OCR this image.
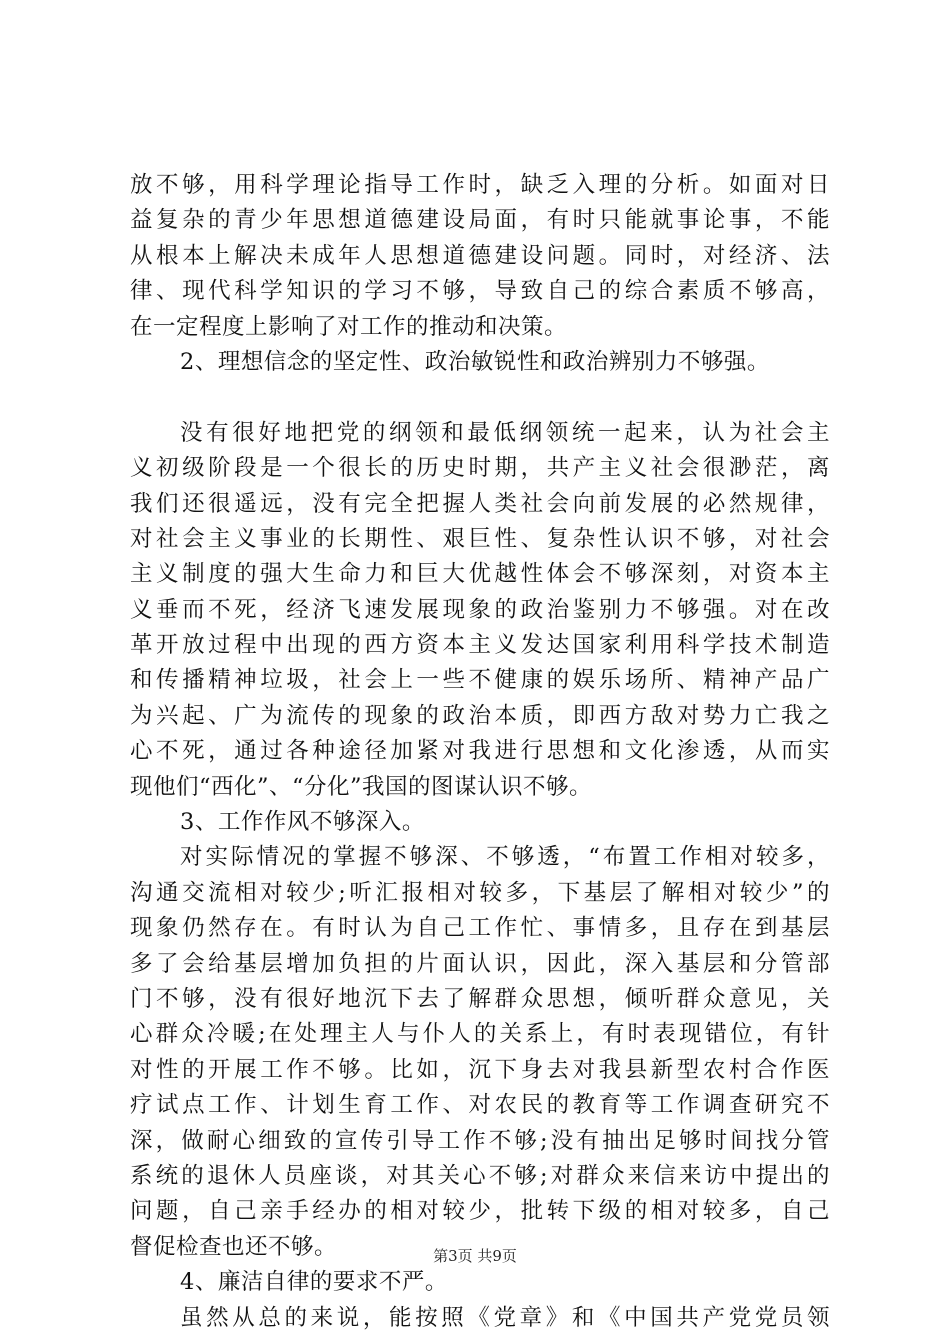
放不够，用科学理论指导工作时，缺乏入理的分析。如面对日
益复杂的青少年思想道德建设局面，有时只能就事论事，不能
从根本上解决未成年人思想道德建设问题。同时，对经济、法
律、现代科学知识的学习不够，导致自己的综合素质不够高，
在一定程度上影响了对工作的推动和决策。
2、理想信念的坚定性、政治敏锐性和政治辨别力不够强。
没有很好地把党的纲领和最低纲领统一起来，认为社会主
义初级阶段是一个很长的历史时期，共产主义社会很渺茫，离
我们还很遥远，没有完全把握人类社会向前发展的必然规律，
对社会主义事业的长期性、艰巨性、复杂性认识不够，对社会
主义制度的强大生命力和巨大优越性体会不够深刻，对资本主
义垂而不死，经济飞速发展现象的政治鉴别力不够强。对在改
革开放过程中出现的西方资本主义发达国家利用科学技术制造
和传播精神垃圾，社会上一些不健康的娱乐场所、精神产品广
为兴起、广为流传的现象的政治本质，即西方敌对势力亡我之
心不死，通过各种途径加紧对我进行思想和文化渗透，从而实
现他们“西化”、“分化”我国的图谋认识不够。
3、工作作风不够深入。
对实际情况的掌握不够深、不够透，“布置工作相对较多，
沟通交流相对较少;听汇报相对较多，下基层了解相对较少”的
现象仍然存在。有时认为自己工作忙、事情多，且存在到基层
多了会给基层增加负担的片面认识，因此，深入基层和分管部
门不够，没有很好地沉下去了解群众思想，倾听群众意见，关
心群众冷暖;在处理主人与仆人的关系上，有时表现错位，有针
对性的开展工作不够。比如，沉下身去对我县新型农村合作医
疗试点工作、计划生育工作、对农民的教育等工作调查研究不
深，做耐心细致的宣传引导工作不够;没有抽出足够时间找分管
系统的退休人员座谈，对其关心不够;对群众来信来访中提出的
问题，自己亲手经办的相对较少，批转下级的相对较多，自己
督促检查也还不够。
4、廉洁自律的要求不严。
虽然从总的来说，能按照《党章》和《中国共产党党员领
第3页 共9页
